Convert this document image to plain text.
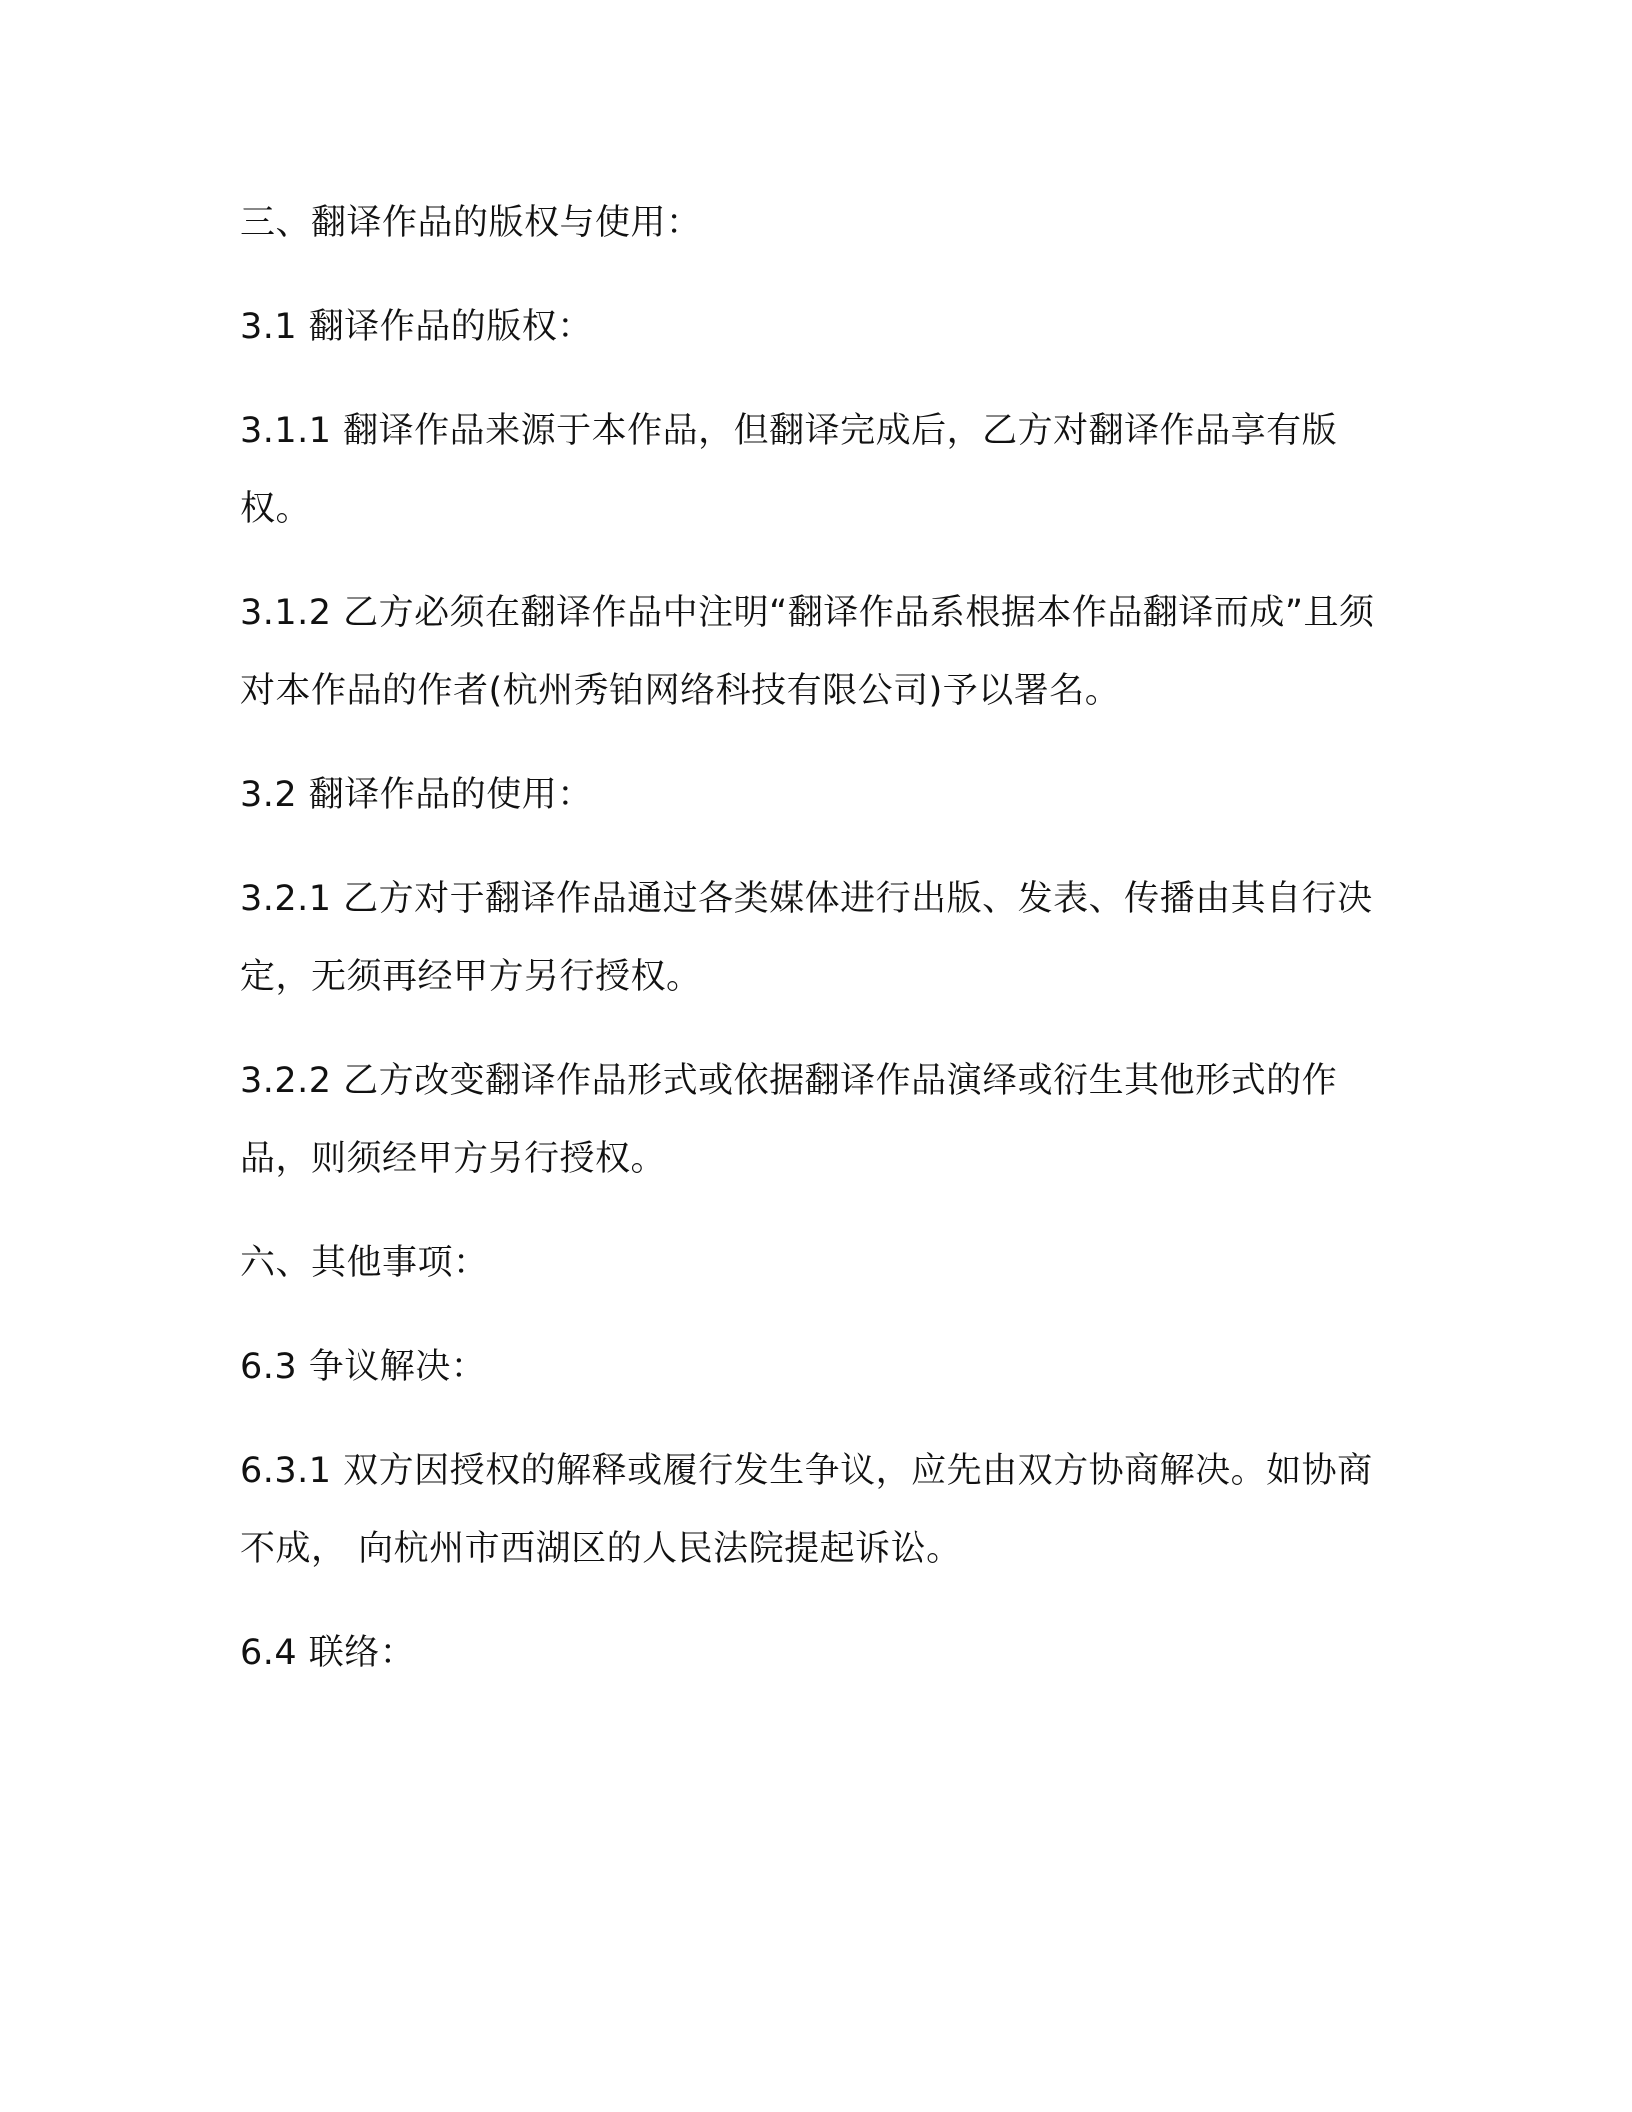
三、翻译作品的版权与使用：

3.1 翻译作品的版权：

3.1.1 翻译作品来源于本作品，但翻译完成后，乙方对翻译作品享有版权。

3.1.2 乙方必须在翻译作品中注明“翻译作品系根据本作品翻译而成”且须对本作品的作者(杭州秀铂网络科技有限公司)予以署名。

3.2 翻译作品的使用：

3.2.1 乙方对于翻译作品通过各类媒体进行出版、发表、传播由其自行决定，无须再经甲方另行授权。

3.2.2 乙方改变翻译作品形式或依据翻译作品演绎或衍生其他形式的作品，则须经甲方另行授权。

六、其他事项：

6.3 争议解决：

6.3.1 双方因授权的解释或履行发生争议，应先由双方协商解决。如协商不成， 向杭州市西湖区的人民法院提起诉讼。

6.4 联络：
